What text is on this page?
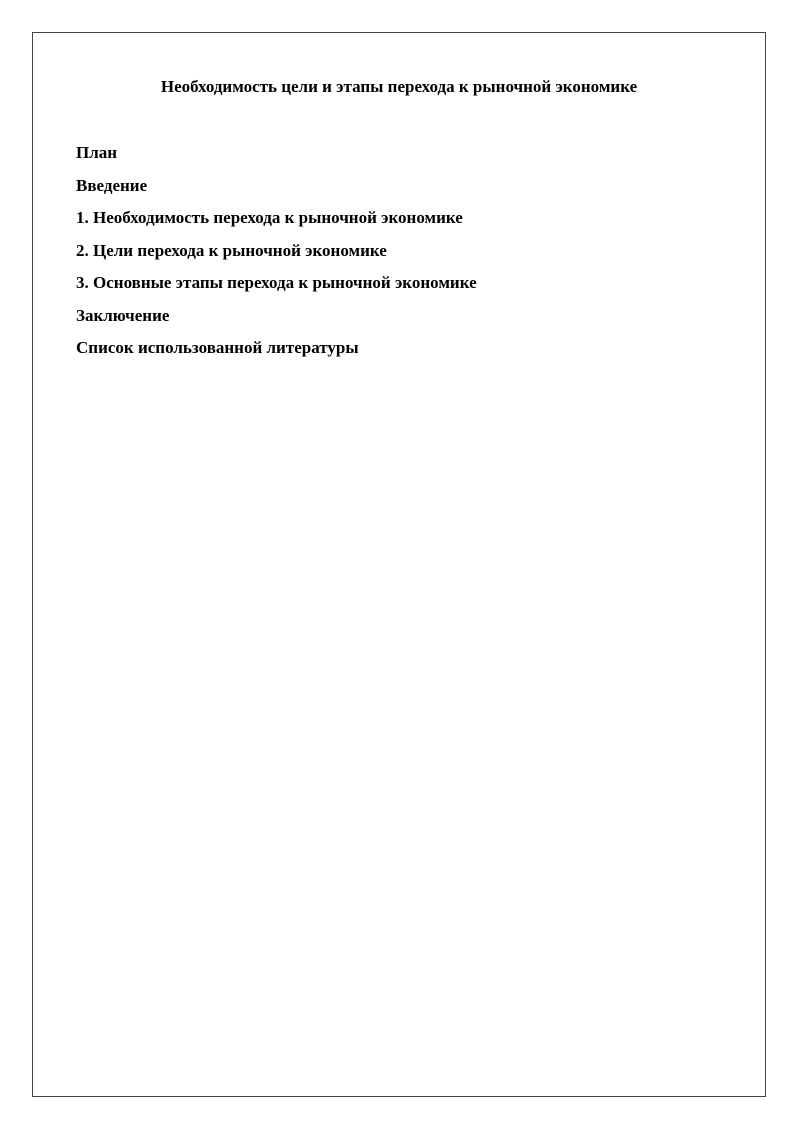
Необходимость цели и этапы перехода к рыночной экономике
План
Введение
1. Необходимость перехода к рыночной экономике
2. Цели перехода к рыночной экономике
3. Основные этапы перехода к рыночной экономике
Заключение
Список использованной литературы
